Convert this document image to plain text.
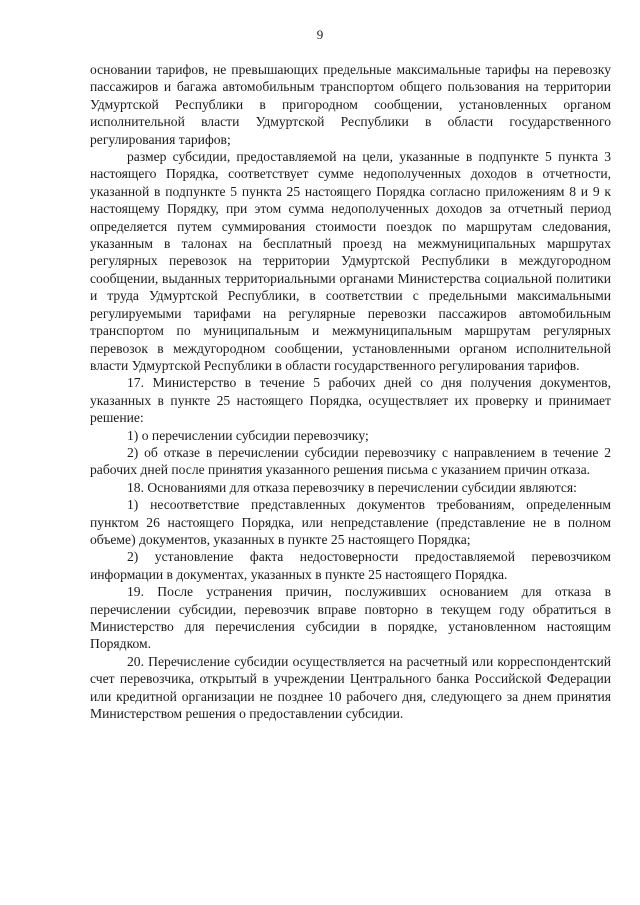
9

основании тарифов, не превышающих предельные максимальные тарифы на перевозку пассажиров и багажа автомобильным транспортом общего пользования на территории Удмуртской Республики в пригородном сообщении, установленных органом исполнительной власти Удмуртской Республики в области государственного регулирования тарифов;

размер субсидии, предоставляемой на цели, указанные в подпункте 5 пункта 3 настоящего Порядка, соответствует сумме недополученных доходов в отчетности, указанной в подпункте 5 пункта 25 настоящего Порядка согласно приложениям 8 и 9 к настоящему Порядку, при этом сумма недополученных доходов за отчетный период определяется путем суммирования стоимости поездок по маршрутам следования, указанным в талонах на бесплатный проезд на межмуниципальных маршрутах регулярных перевозок на территории Удмуртской Республики в междугородном сообщении, выданных территориальными органами Министерства социальной политики и труда Удмуртской Республики, в соответствии с предельными максимальными регулируемыми тарифами на регулярные перевозки пассажиров автомобильным транспортом по муниципальным и межмуниципальным маршрутам регулярных перевозок в междугородном сообщении, установленными органом исполнительной власти Удмуртской Республики в области государственного регулирования тарифов.

17. Министерство в течение 5 рабочих дней со дня получения документов, указанных в пункте 25 настоящего Порядка, осуществляет их проверку и принимает решение:

1) о перечислении субсидии перевозчику;

2) об отказе в перечислении субсидии перевозчику с направлением в течение 2 рабочих дней после принятия указанного решения письма с указанием причин отказа.

18. Основаниями для отказа перевозчику в перечислении субсидии являются:

1) несоответствие представленных документов требованиям, определенным пунктом 26 настоящего Порядка, или непредставление (представление не в полном объеме) документов, указанных в пункте 25 настоящего Порядка;

2) установление факта недостоверности предоставляемой перевозчиком информации в документах, указанных в пункте 25 настоящего Порядка.

19. После устранения причин, послуживших основанием для отказа в перечислении субсидии, перевозчик вправе повторно в текущем году обратиться в Министерство для перечисления субсидии в порядке, установленном настоящим Порядком.

20. Перечисление субсидии осуществляется на расчетный или корреспондентский счет перевозчика, открытый в учреждении Центрального банка Российской Федерации или кредитной организации не позднее 10 рабочего дня, следующего за днем принятия Министерством решения о предоставлении субсидии.
